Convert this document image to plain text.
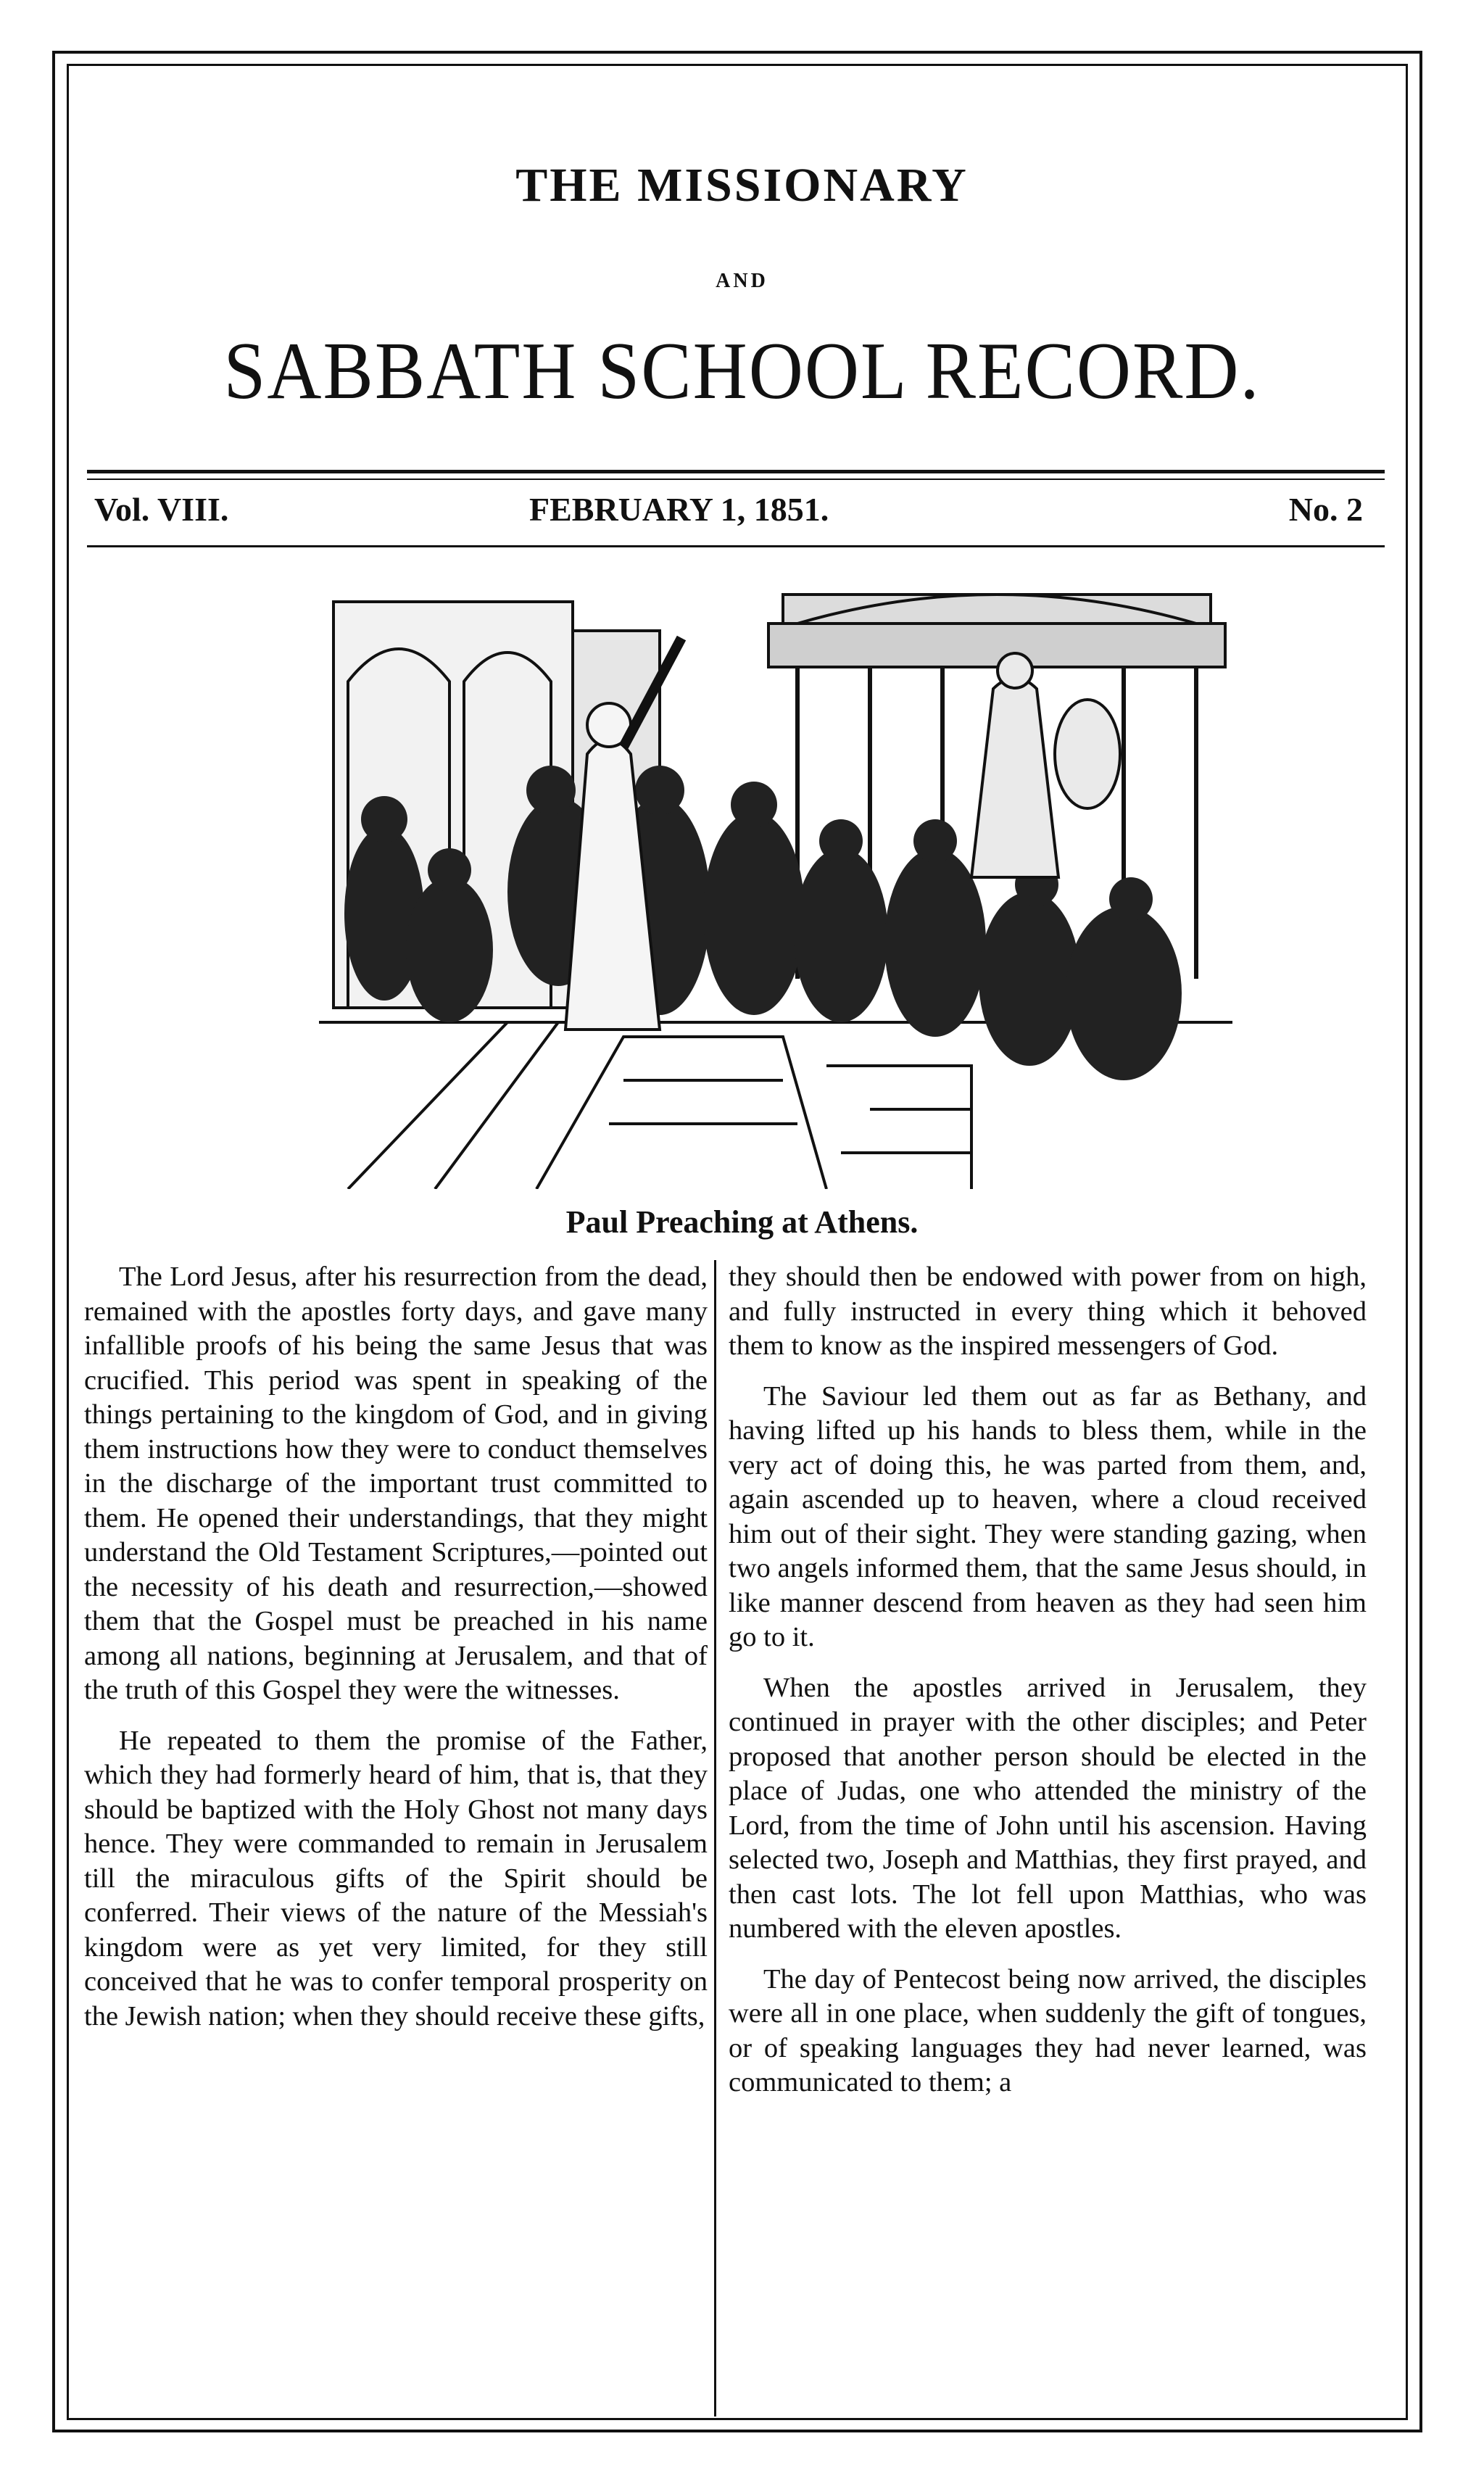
THE MISSIONARY
AND
SABBATH SCHOOL RECORD.
Vol. VIII.	FEBRUARY 1, 1851.	No. 2
Paul Preaching at Athens.

The Lord Jesus, after his resurrection from the dead, remained with the apostles forty days, and gave many infallible proofs of his being the same Jesus that was crucified. This period was spent in speaking of the things pertaining to the kingdom of God, and in giving them instructions how they were to conduct themselves in the discharge of the important trust committed to them. He opened their understandings, that they might understand the Old Testament Scriptures,—pointed out the necessity of his death and resurrection,—showed them that the Gospel must be preached in his name among all nations, beginning at Jerusalem, and that of the truth of this Gospel they were the witnesses.

He repeated to them the promise of the Father, which they had formerly heard of him, that is, that they should be baptized with the Holy Ghost not many days hence. They were commanded to remain in Jerusalem till the miraculous gifts of the Spirit should be conferred. Their views of the nature of the Messiah's kingdom were as yet very limited, for they still conceived that he was to confer temporal prosperity on the Jewish nation; when they should receive these gifts,

they should then be endowed with power from on high, and fully instructed in every thing which it behoved them to know as the inspired messengers of God.

The Saviour led them out as far as Bethany, and having lifted up his hands to bless them, while in the very act of doing this, he was parted from them, and, again ascended up to heaven, where a cloud received him out of their sight. They were standing gazing, when two angels informed them, that the same Jesus should, in like manner descend from heaven as they had seen him go to it.

When the apostles arrived in Jerusalem, they continued in prayer with the other disciples; and Peter proposed that another person should be elected in the place of Judas, one who attended the ministry of the Lord, from the time of John until his ascension. Having selected two, Joseph and Matthias, they first prayed, and then cast lots. The lot fell upon Matthias, who was numbered with the eleven apostles.

The day of Pentecost being now arrived, the disciples were all in one place, when suddenly the gift of tongues, or of speaking languages they had never learned, was communicated to them; a
